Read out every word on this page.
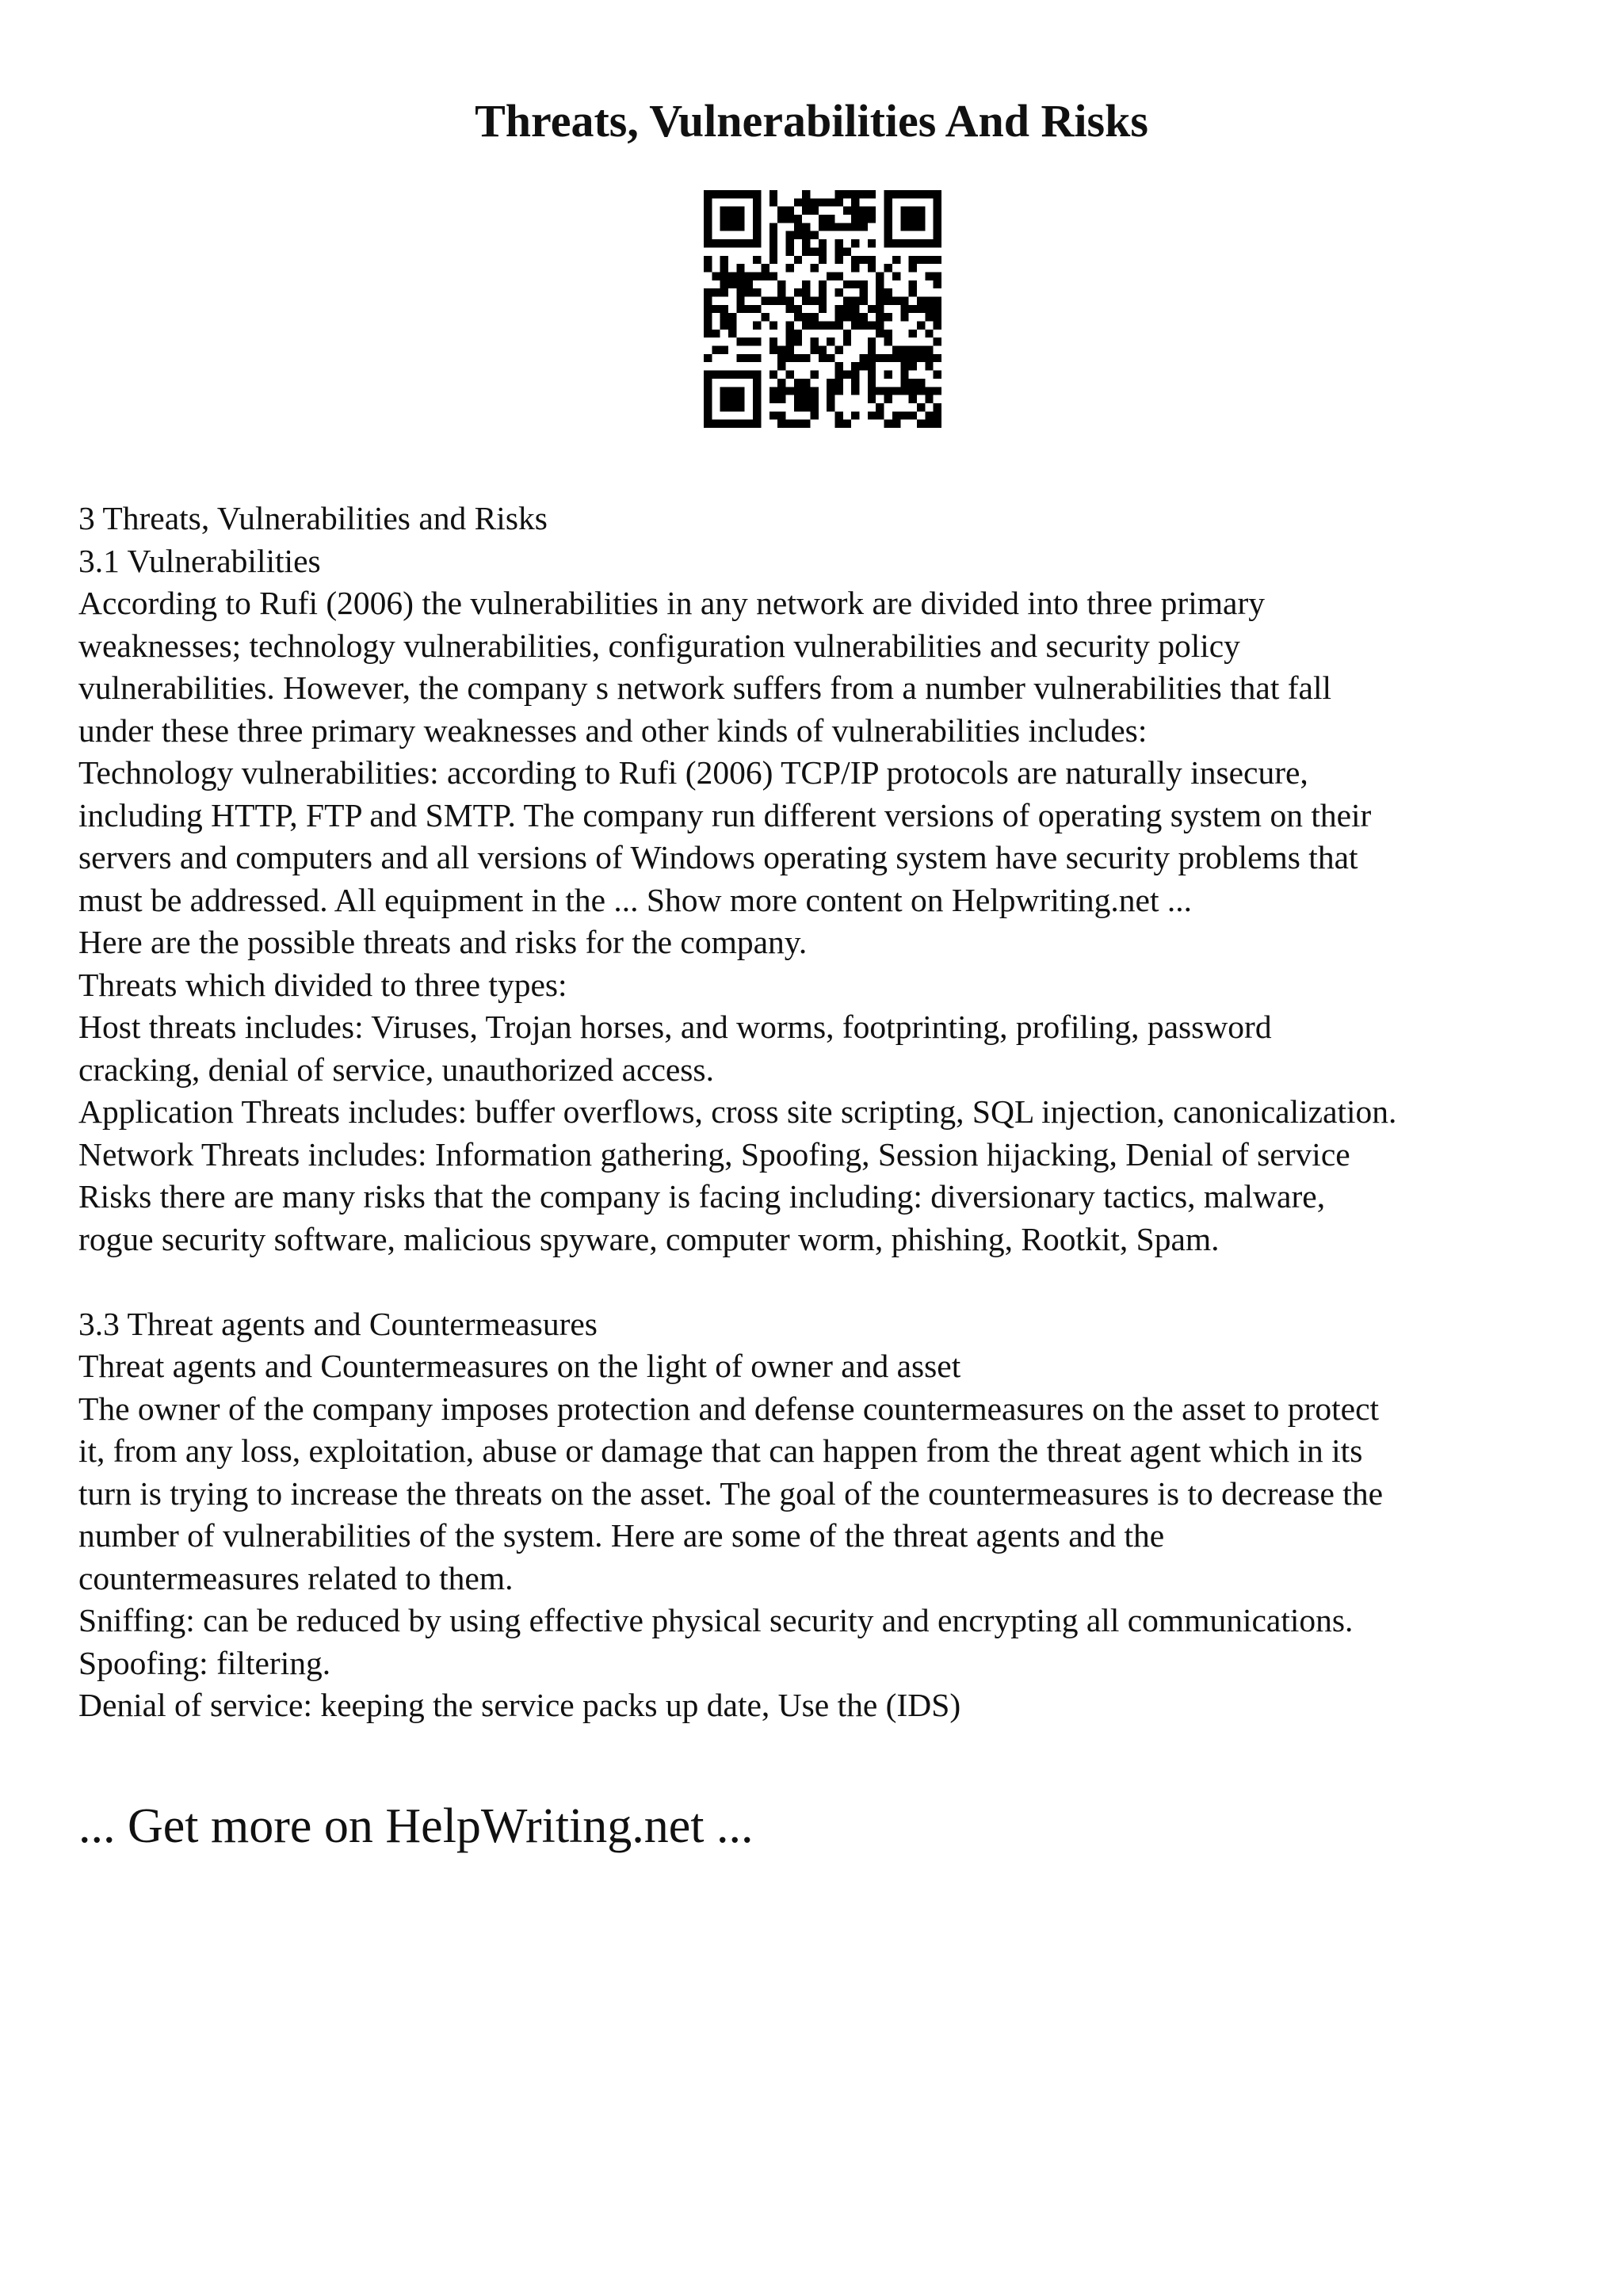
Threats, Vulnerabilities And Risks
3 Threats, Vulnerabilities and Risks
3.1 Vulnerabilities
According to Rufi (2006) the vulnerabilities in any network are divided into three primary
weaknesses; technology vulnerabilities, configuration vulnerabilities and security policy
vulnerabilities. However, the company s network suffers from a number vulnerabilities that fall
under these three primary weaknesses and other kinds of vulnerabilities includes:
Technology vulnerabilities: according to Rufi (2006) TCP/IP protocols are naturally insecure,
including HTTP, FTP and SMTP. The company run different versions of operating system on their
servers and computers and all versions of Windows operating system have security problems that
must be addressed. All equipment in the ... Show more content on Helpwriting.net ...
Here are the possible threats and risks for the company.
Threats which divided to three types:
Host threats includes: Viruses, Trojan horses, and worms, footprinting, profiling, password
cracking, denial of service, unauthorized access.
Application Threats includes: buffer overflows, cross site scripting, SQL injection, canonicalization.
Network Threats includes: Information gathering, Spoofing, Session hijacking, Denial of service
Risks there are many risks that the company is facing including: diversionary tactics, malware,
rogue security software, malicious spyware, computer worm, phishing, Rootkit, Spam.
3.3 Threat agents and Countermeasures
Threat agents and Countermeasures on the light of owner and asset
The owner of the company imposes protection and defense countermeasures on the asset to protect
it, from any loss, exploitation, abuse or damage that can happen from the threat agent which in its
turn is trying to increase the threats on the asset. The goal of the countermeasures is to decrease the
number of vulnerabilities of the system. Here are some of the threat agents and the
countermeasures related to them.
Sniffing: can be reduced by using effective physical security and encrypting all communications.
Spoofing: filtering.
Denial of service: keeping the service packs up date, Use the (IDS)
... Get more on HelpWriting.net ...
